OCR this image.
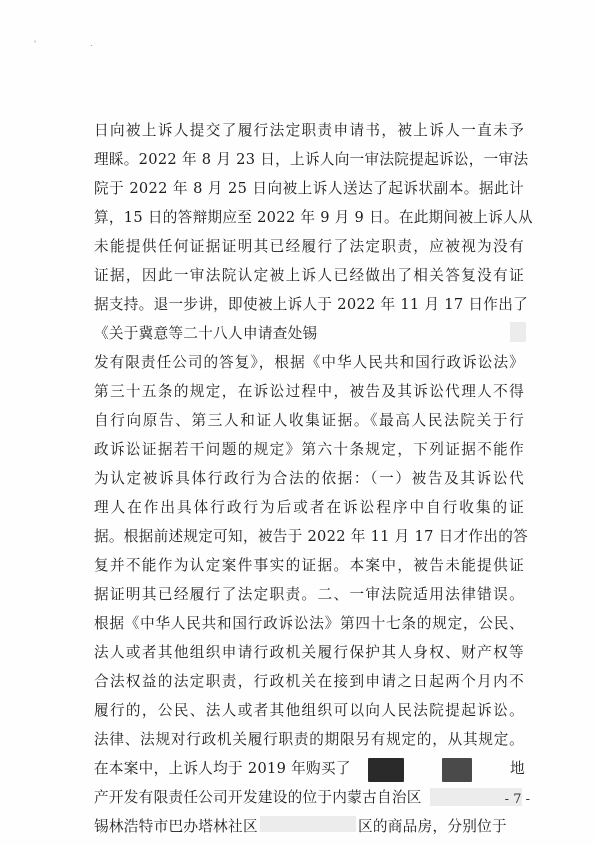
' .
日向被上诉人提交了履行法定职责申请书，被上诉人一直未予
理睬。2022 年 8 月 23 日，上诉人向一审法院提起诉讼，一审法
院于 2022 年 8 月 25 日向被上诉人送达了起诉状副本。据此计
算，15 日的答辩期应至 2022 年 9 月 9 日。在此期间被上诉人从
未能提供任何证据证明其已经履行了法定职责，应被视为没有
证据，因此一审法院认定被上诉人已经做出了相关答复没有证
据支持。退一步讲，即使被上诉人于 2022 年 11 月 17 日作出了
《关于冀意等二十八人申请查处锡
发有限责任公司的答复》，根据《中华人民共和国行政诉讼法》
第三十五条的规定，在诉讼过程中，被告及其诉讼代理人不得
自行向原告、第三人和证人收集证据。《最高人民法院关于行
政诉讼证据若干问题的规定》第六十条规定，下列证据不能作
为认定被诉具体行政行为合法的依据：（一）被告及其诉讼代
理人在作出具体行政行为后或者在诉讼程序中自行收集的证
据。根据前述规定可知，被告于 2022 年 11 月 17 日才作出的答
复并不能作为认定案件事实的证据。本案中，被告未能提供证
据证明其已经履行了法定职责。二、一审法院适用法律错误。
根据《中华人民共和国行政诉讼法》第四十七条的规定，公民、
法人或者其他组织申请行政机关履行保护其人身权、财产权等
合法权益的法定职责，行政机关在接到申请之日起两个月内不
履行的，公民、法人或者其他组织可以向人民法院提起诉讼。
法律、法规对行政机关履行职责的期限另有规定的，从其规定。
在本案中，上诉人均于 2019 年购买了	地
产开发有限责任公司开发建设的位于内蒙古自治区
锡林浩特市巴办塔林社区	区的商品房，分别位于
- 7 -
